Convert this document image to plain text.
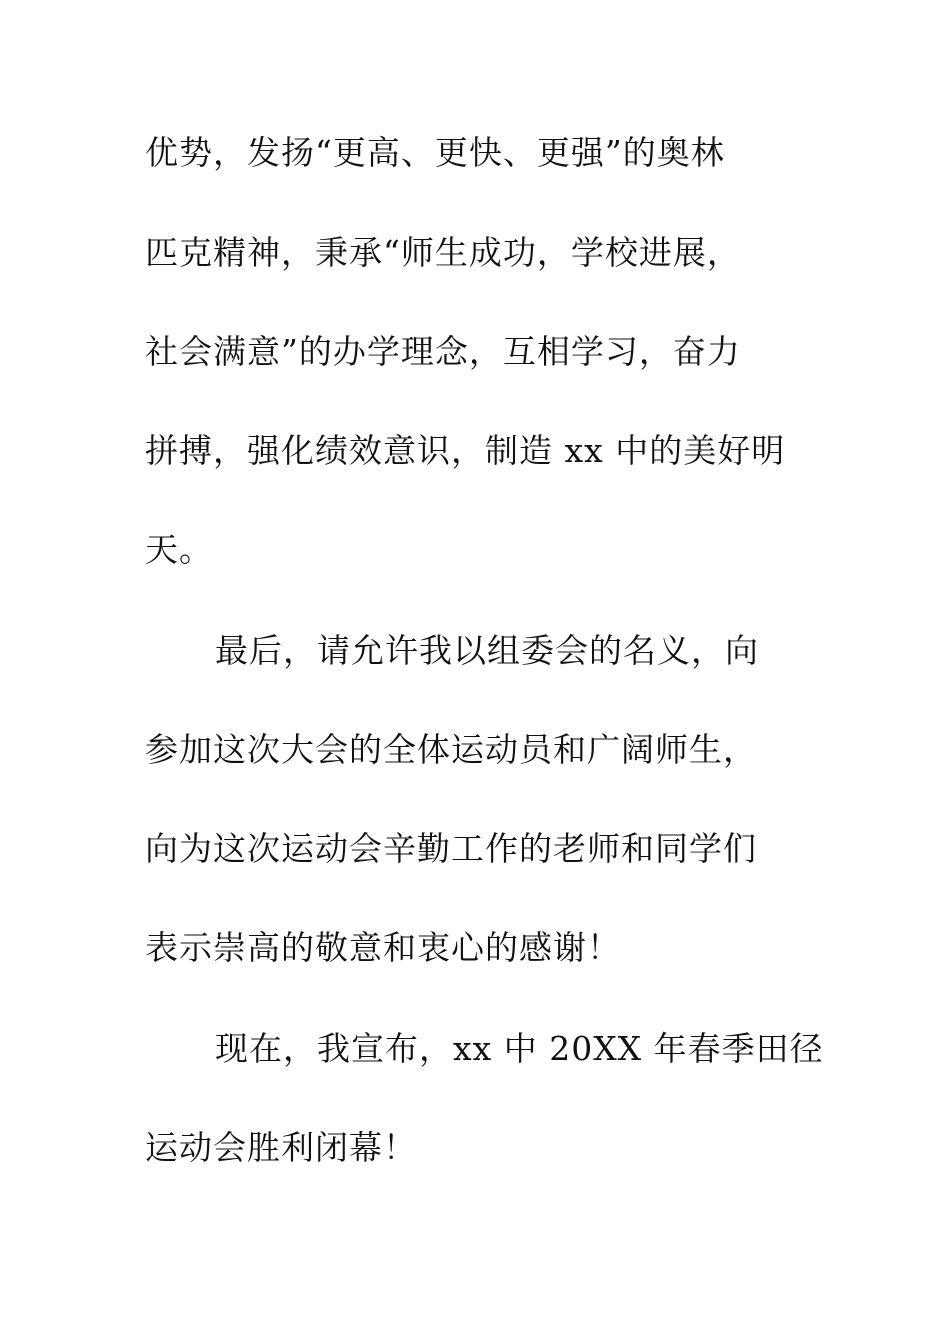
优势，发扬“更高、更快、更强”的奥林
匹克精神，秉承“师生成功，学校进展，
社会满意”的办学理念，互相学习，奋力
拼搏，强化绩效意识，制造 xx 中的美好明
天。
最后，请允许我以组委会的名义，向
参加这次大会的全体运动员和广阔师生，
向为这次运动会辛勤工作的老师和同学们
表示崇高的敬意和衷心的感谢！
现在，我宣布，xx 中 20XX 年春季田径
运动会胜利闭幕！
